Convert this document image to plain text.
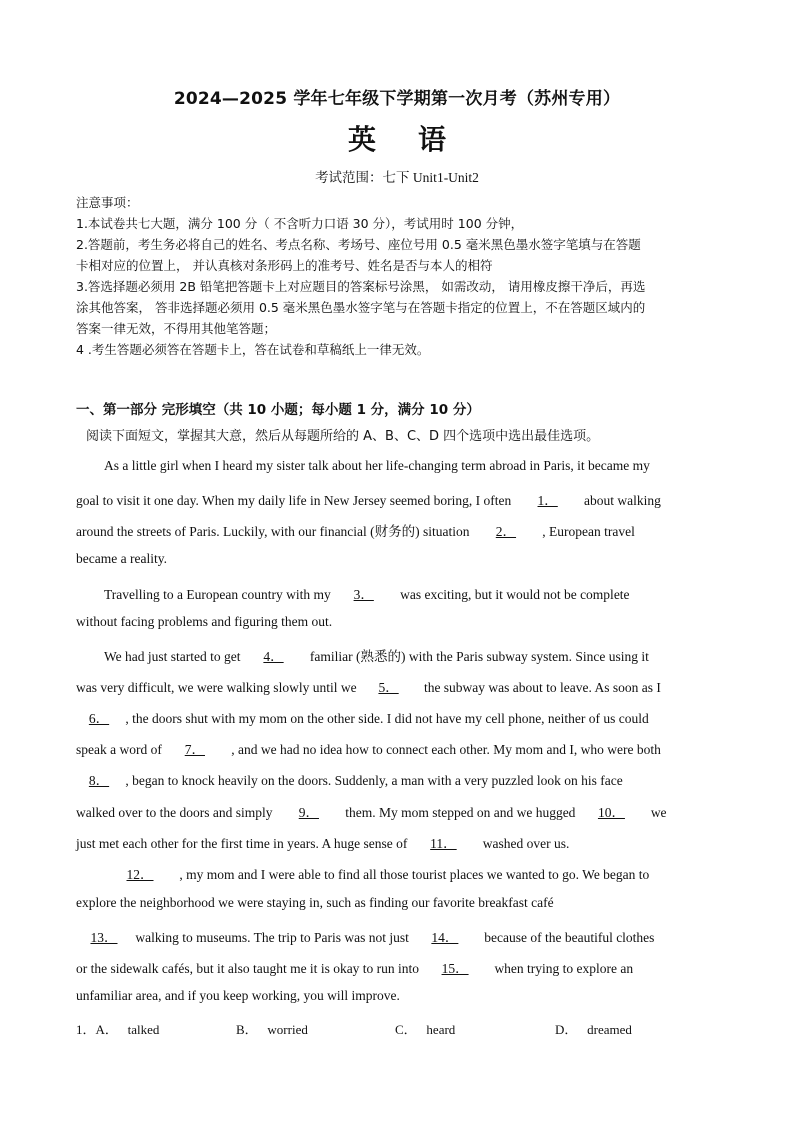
2024—2025 学年七年级下学期第一次月考（苏州专用）
英语
考试范围：七下 Unit1-Unit2
注意事项：
1.本试卷共七大题，满分 100 分（ 不含听力口语 30 分），考试用时 100 分钟，
2.答题前，考生务必将自己的姓名、考点名称、考场号、座位号用 0.5 毫米黑色墨水签字笔填与在答题
卡相对应的位置上， 并认真核对条形码上的准考号、姓名是否与本人的相符
3.答选择题必须用 2B 铅笔把答题卡上对应题目的答案标号涂黑， 如需改动， 请用橡皮擦干净后，再选
涂其他答案， 答非选择题必须用 0.5 毫米黑色墨水签字笔与在答题卡指定的位置上，不在答题区域内的
答案一律无效，不得用其他笔答题；
4 .考生答题必须答在答题卡上，答在试卷和草稿纸上一律无效。
一、第一部分 完形填空（共 10 小题；每小题 1 分，满分 10 分）
阅读下面短文，掌握其大意，然后从每题所给的 A、B、C、D 四个选项中选出最佳选项。
As a little girl when I heard my sister talk about her life-changing term abroad in Paris, it became my
goal to visit it one day. When my daily life in New Jersey seemed boring, I often 1． about walking
around the streets of Paris. Luckily, with our financial (财务的) situation 2． , European travel
became a reality.
Travelling to a European country with my 3． was exciting, but it would not be complete
without facing problems and figuring them out.
We had just started to get 4． familiar (熟悉的) with the Paris subway system. Since using it
was very difficult, we were walking slowly until we 5． the subway was about to leave. As soon as I
6． , the doors shut with my mom on the other side. I did not have my cell phone, neither of us could
speak a word of 7． , and we had no idea how to connect each other. My mom and I, who were both
8． , began to knock heavily on the doors. Suddenly, a man with a very puzzled look on his face
walked over to the doors and simply 9． them. My mom stepped on and we hugged 10． we
just met each other for the first time in years. A huge sense of 11． washed over us.
12． , my mom and I were able to find all those tourist places we wanted to go. We began to
explore the neighborhood we were staying in, such as finding our favorite breakfast café
13． walking to museums. The trip to Paris was not just 14． because of the beautiful clothes
or the sidewalk cafés, but it also taught me it is okay to run into 15． when trying to explore an
unfamiliar area, and if you keep working, you will improve.
1．A． talked	B． worried	C． heard	D． dreamed
